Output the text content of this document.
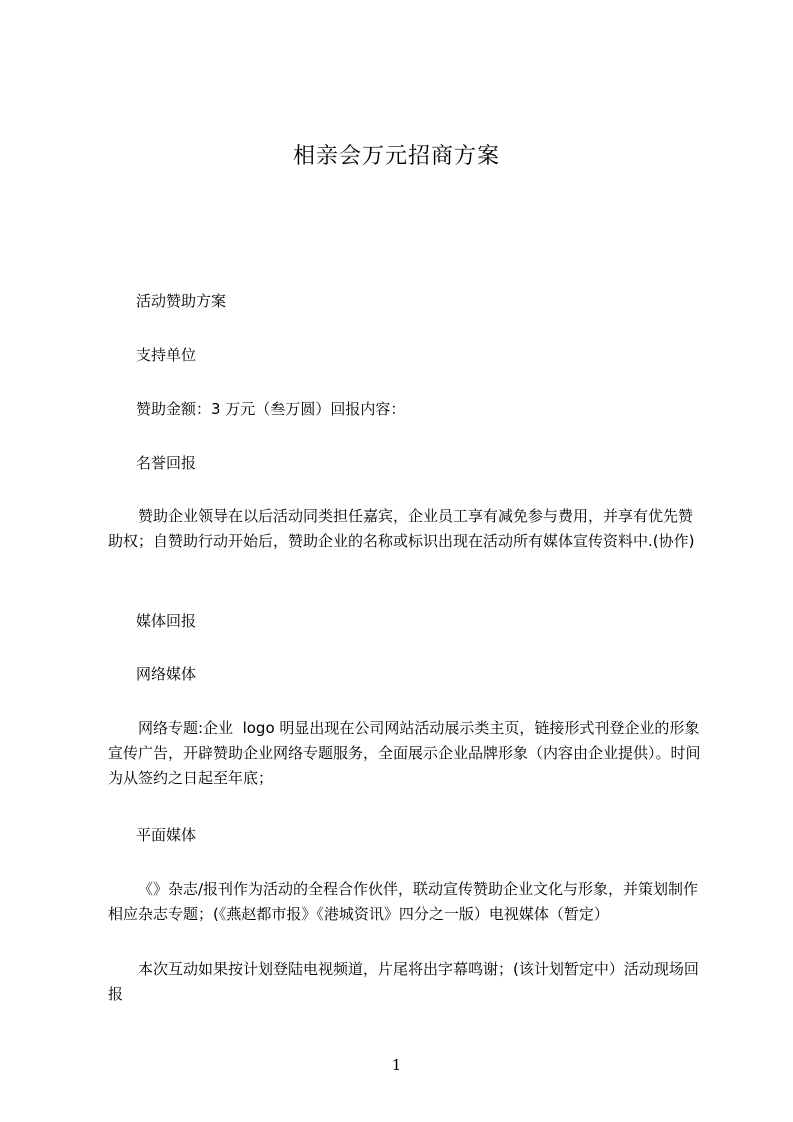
相亲会万元招商方案
活动赞助方案
支持单位
赞助金额：3 万元（叁万圆）回报内容：
名誉回报
赞助企业领导在以后活动同类担任嘉宾，企业员工享有减免参与费用，并享有优先赞助权；自赞助行动开始后，赞助企业的名称或标识出现在活动所有媒体宣传资料中.(协作)
媒体回报
网络媒体
网络专题:企业  logo 明显出现在公司网站活动展示类主页，链接形式刊登企业的形象宣传广告，开辟赞助企业网络专题服务，全面展示企业品牌形象（内容由企业提供）。时间为从签约之日起至年底；
平面媒体
《》杂志/报刊作为活动的全程合作伙伴，联动宣传赞助企业文化与形象，并策划制作相应杂志专题；(《燕赵都市报》《港城资讯》四分之一版）电视媒体（暂定）
本次互动如果按计划登陆电视频道，片尾将出字幕鸣谢；(该计划暂定中）活动现场回报
1
